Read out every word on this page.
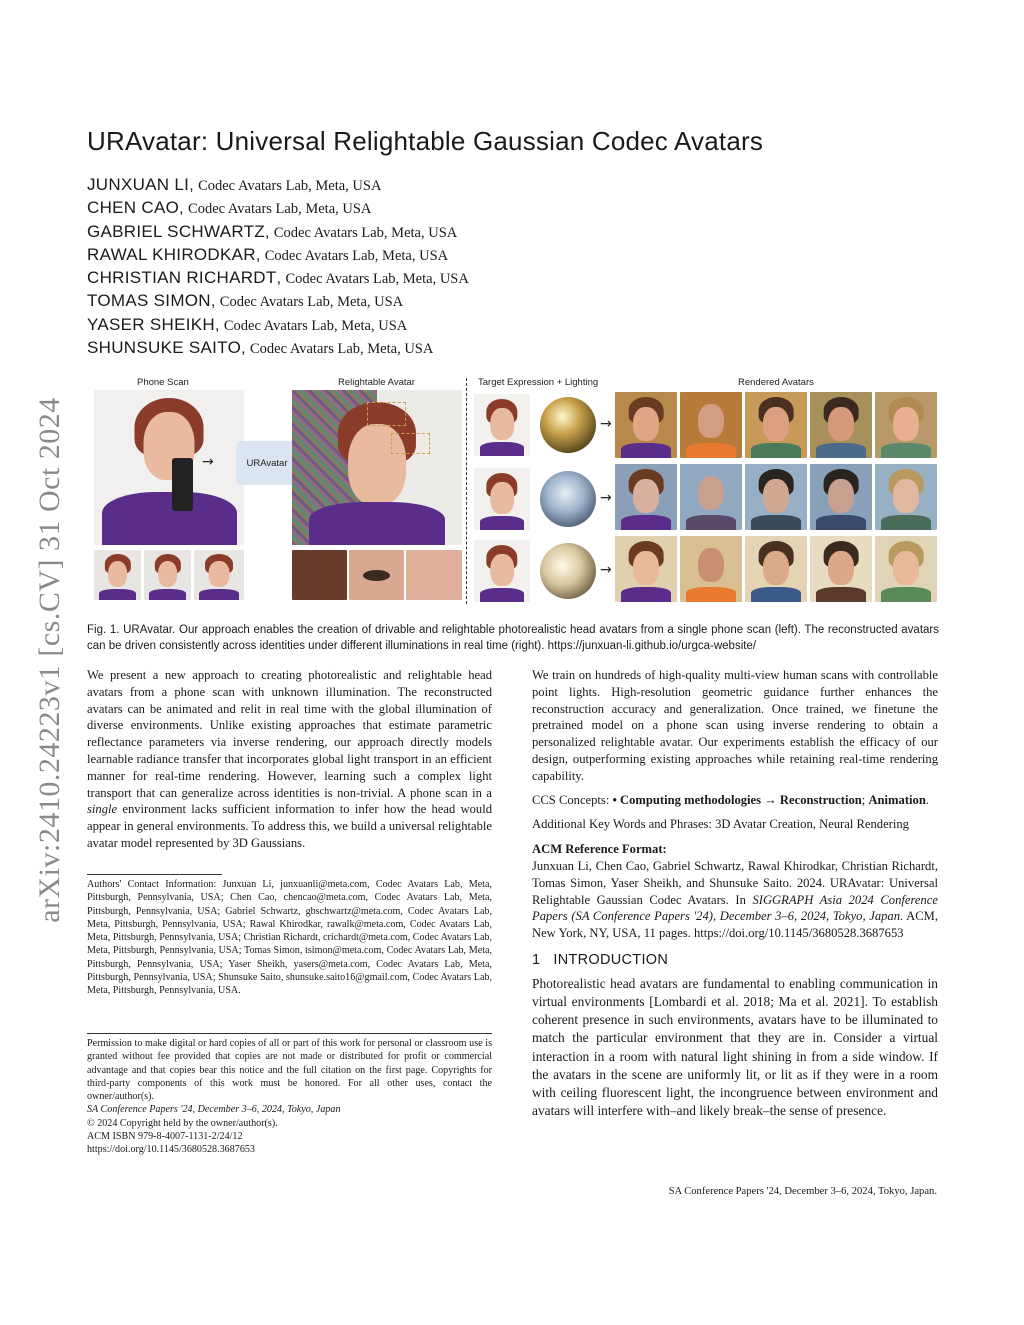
arXiv:2410.24223v1 [cs.CV] 31 Oct 2024
URAvatar: Universal Relightable Gaussian Codec Avatars
JUNXUAN LI, Codec Avatars Lab, Meta, USA
CHEN CAO, Codec Avatars Lab, Meta, USA
GABRIEL SCHWARTZ, Codec Avatars Lab, Meta, USA
RAWAL KHIRODKAR, Codec Avatars Lab, Meta, USA
CHRISTIAN RICHARDT, Codec Avatars Lab, Meta, USA
TOMAS SIMON, Codec Avatars Lab, Meta, USA
YASER SHEIKH, Codec Avatars Lab, Meta, USA
SHUNSUKE SAITO, Codec Avatars Lab, Meta, USA
Phone Scan	Relightable Avatar	Target Expression + Lighting	Rendered Avatars
→	URAvatar
→
→
→
Fig. 1. URAvatar. Our approach enables the creation of drivable and relightable photorealistic head avatars from a single phone scan (left). The reconstructed avatars can be driven consistently across identities under different illuminations in real time (right). https://junxuan-li.github.io/urgca-website/

We present a new approach to creating photorealistic and relightable head avatars from a phone scan with unknown illumination. The reconstructed avatars can be animated and relit in real time with the global illumination of diverse environments. Unlike existing approaches that estimate parametric reflectance parameters via inverse rendering, our approach directly models learnable radiance transfer that incorporates global light transport in an efficient manner for real-time rendering. However, learning such a complex light transport that can generalize across identities is non-trivial. A phone scan in a single environment lacks sufficient information to infer how the head would appear in general environments. To address this, we build a universal relightable avatar model represented by 3D Gaussians.

Authors' Contact Information: Junxuan Li, junxuanli@meta.com, Codec Avatars Lab, Meta, Pittsburgh, Pennsylvania, USA; Chen Cao, chencao@meta.com, Codec Avatars Lab, Meta, Pittsburgh, Pennsylvania, USA; Gabriel Schwartz, gbschwartz@meta.com, Codec Avatars Lab, Meta, Pittsburgh, Pennsylvania, USA; Rawal Khirodkar, rawalk@meta.com, Codec Avatars Lab, Meta, Pittsburgh, Pennsylvania, USA; Christian Richardt, crichardt@meta.com, Codec Avatars Lab, Meta, Pittsburgh, Pennsylvania, USA; Tomas Simon, tsimon@meta.com, Codec Avatars Lab, Meta, Pittsburgh, Pennsylvania, USA; Yaser Sheikh, yasers@meta.com, Codec Avatars Lab, Meta, Pittsburgh, Pennsylvania, USA; Shunsuke Saito, shunsuke.saito16@gmail.com, Codec Avatars Lab, Meta, Pittsburgh, Pennsylvania, USA.

Permission to make digital or hard copies of all or part of this work for personal or classroom use is granted without fee provided that copies are not made or distributed for profit or commercial advantage and that copies bear this notice and the full citation on the first page. Copyrights for third-party components of this work must be honored. For all other uses, contact the owner/author(s).

SA Conference Papers '24, December 3–6, 2024, Tokyo, Japan

© 2024 Copyright held by the owner/author(s).

ACM ISBN 979-8-4007-1131-2/24/12

https://doi.org/10.1145/3680528.3687653

We train on hundreds of high-quality multi-view human scans with controllable point lights. High-resolution geometric guidance further enhances the reconstruction accuracy and generalization. Once trained, we finetune the pretrained model on a phone scan using inverse rendering to obtain a personalized relightable avatar. Our experiments establish the efficacy of our design, outperforming existing approaches while retaining real-time rendering capability.

CCS Concepts: • Computing methodologies → Reconstruction; Animation.

Additional Key Words and Phrases: 3D Avatar Creation, Neural Rendering

ACM Reference Format:

Junxuan Li, Chen Cao, Gabriel Schwartz, Rawal Khirodkar, Christian Richardt, Tomas Simon, Yaser Sheikh, and Shunsuke Saito. 2024. URAvatar: Universal Relightable Gaussian Codec Avatars. In SIGGRAPH Asia 2024 Conference Papers (SA Conference Papers '24), December 3–6, 2024, Tokyo, Japan. ACM, New York, NY, USA, 11 pages. https://doi.org/10.1145/3680528.3687653

1 INTRODUCTION

Photorealistic head avatars are fundamental to enabling communication in virtual environments [Lombardi et al. 2018; Ma et al. 2021]. To establish coherent presence in such environments, avatars have to be illuminated to match the particular environment that they are in. Consider a virtual interaction in a room with natural light shining in from a side window. If the avatars in the scene are uniformly lit, or lit as if they were in a room with ceiling fluorescent light, the incongruence between environment and avatars will interfere with–and likely break–the sense of presence.

SA Conference Papers '24, December 3–6, 2024, Tokyo, Japan.
